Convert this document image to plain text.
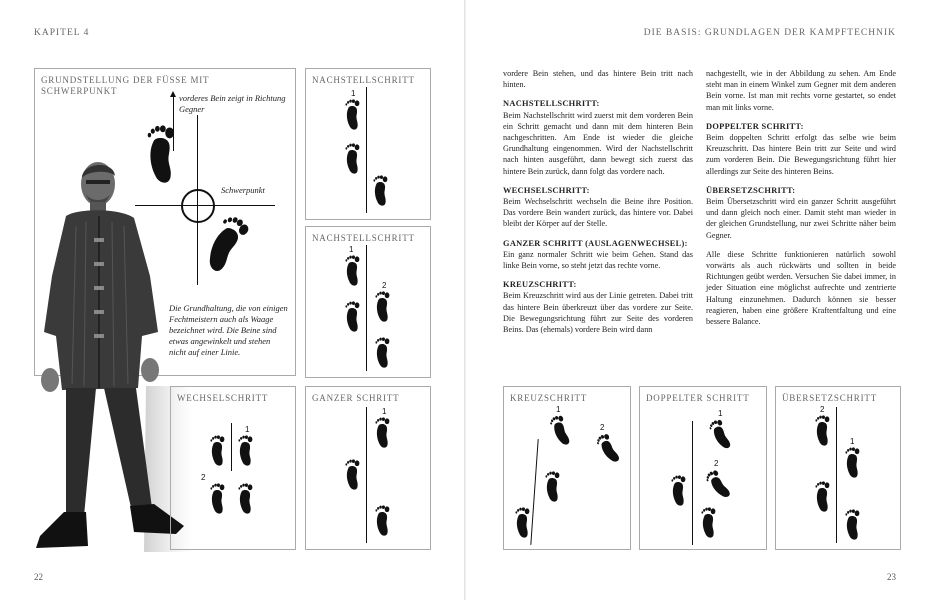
KAPITEL 4
GRUNDSTELLUNG DER FÜSSE MIT SCHWERPUNKT
vorderes Bein zeigt in Richtung Gegner
Schwerpunkt
Die Grundhaltung, die von einigen Fechtmeistern auch als Waage bezeichnet wird. Die Beine sind etwas angewinkelt und stehen nicht auf einer Linie.
NACHSTELLSCHRITT
1
NACHSTELLSCHRITT
1
2
WECHSELSCHRITT
1
2
GANZER SCHRITT
1
22
DIE BASIS: GRUNDLAGEN DER KAMPFTECHNIK

vordere Bein stehen, und das hintere Bein tritt nach hinten.

NACHSTELLSCHRITT:

Beim Nachstellschritt wird zuerst mit dem vorderen Bein ein Schritt gemacht und dann mit dem hinteren Bein nachgeschritten. Am Ende ist wieder die gleiche Grundhaltung eingenommen. Wird der Nachstellschritt nach hinten ausgeführt, dann bewegt sich zuerst das hintere Bein zurück, dann folgt das vordere nach.

WECHSELSCHRITT:

Beim Wechselschritt wechseln die Beine ihre Position. Das vordere Bein wandert zurück, das hintere vor. Dabei bleibt der Körper auf der Stelle.

GANZER SCHRITT (AUSLAGENWECHSEL):

Ein ganz normaler Schritt wie beim Gehen. Stand das linke Bein vorne, so steht jetzt das rechte vorne.

KREUZSCHRITT:

Beim Kreuzschritt wird aus der Linie getreten. Dabei tritt das hintere Bein überkreuzt über das vordere zur Seite. Die Bewegungsrichtung führt zur Seite des vorderen Beins. Das (ehemals) vordere Bein wird dann

nachgestellt, wie in der Abbildung zu sehen. Am Ende steht man in einem Winkel zum Gegner mit dem anderen Bein vorne. Ist man mit rechts vorne gestartet, so endet man mit links vorne.

DOPPELTER SCHRITT:

Beim doppelten Schritt erfolgt das selbe wie beim Kreuzschritt. Das hintere Bein tritt zur Seite und wird zum vorderen Bein. Die Bewegungsrichtung führt hier allerdings zur Seite des hinteren Beins.

ÜBERSETZSCHRITT:

Beim Übersetzschritt wird ein ganzer Schritt ausgeführt und dann gleich noch einer. Damit steht man wieder in der gleichen Grundstellung, nur zwei Schritte näher beim Gegner.

Alle diese Schritte funktionieren natürlich sowohl vorwärts als auch rückwärts und sollten in beide Richtungen geübt werden. Versuchen Sie dabei immer, in jeder Situation eine möglichst aufrechte und zentrierte Haltung einzunehmen. Dadurch können sie besser reagieren, haben eine größere Kraftentfaltung und eine bessere Balance.

KREUZSCHRITT
1
2
DOPPELTER SCHRITT
1
2
ÜBERSETZSCHRITT
2
1
23
